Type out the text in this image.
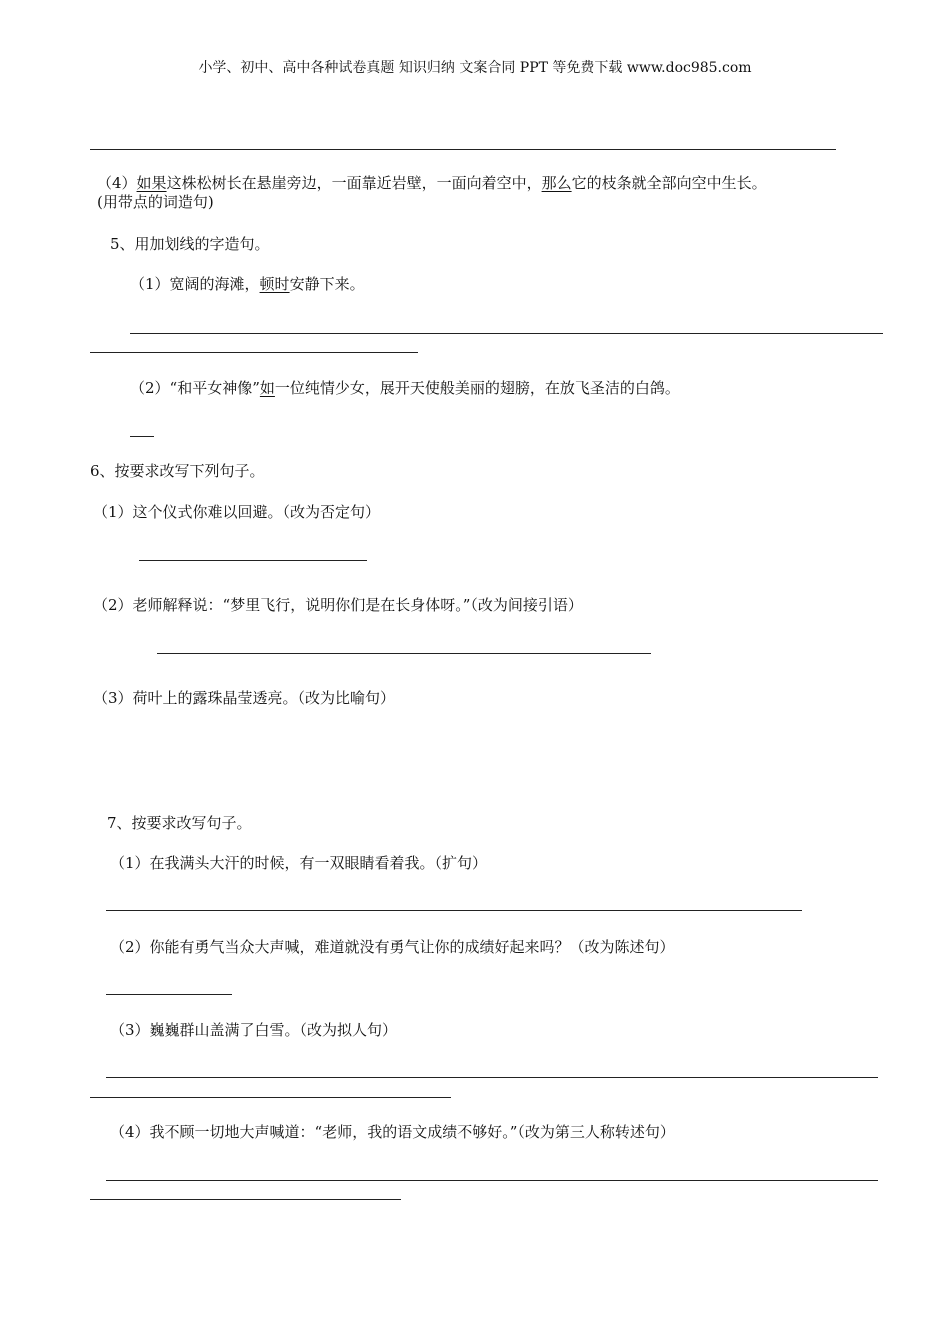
小学、初中、高中各种试卷真题 知识归纳 文案合同 PPT 等免费下载 www.doc985.com
（4）如果这株松树长在悬崖旁边，一面靠近岩壁，一面向着空中，那么它的枝条就全部向空中生长。
(用带点的词造句)
5、用加划线的字造句。
（1）宽阔的海滩，顿时安静下来。
（2）“和平女神像”如一位纯情少女，展开天使般美丽的翅膀，在放飞圣洁的白鸽。
6、按要求改写下列句子。
（1）这个仪式你难以回避。（改为否定句）
（2）老师解释说：“梦里飞行，说明你们是在长身体呀。”（改为间接引语）
（3）荷叶上的露珠晶莹透亮。（改为比喻句）
7、按要求改写句子。
（1）在我满头大汗的时候，有一双眼睛看着我。（扩句）
（2）你能有勇气当众大声喊，难道就没有勇气让你的成绩好起来吗？（改为陈述句）
（3）巍巍群山盖满了白雪。（改为拟人句）
（4）我不顾一切地大声喊道：“老师，我的语文成绩不够好。”（改为第三人称转述句）
